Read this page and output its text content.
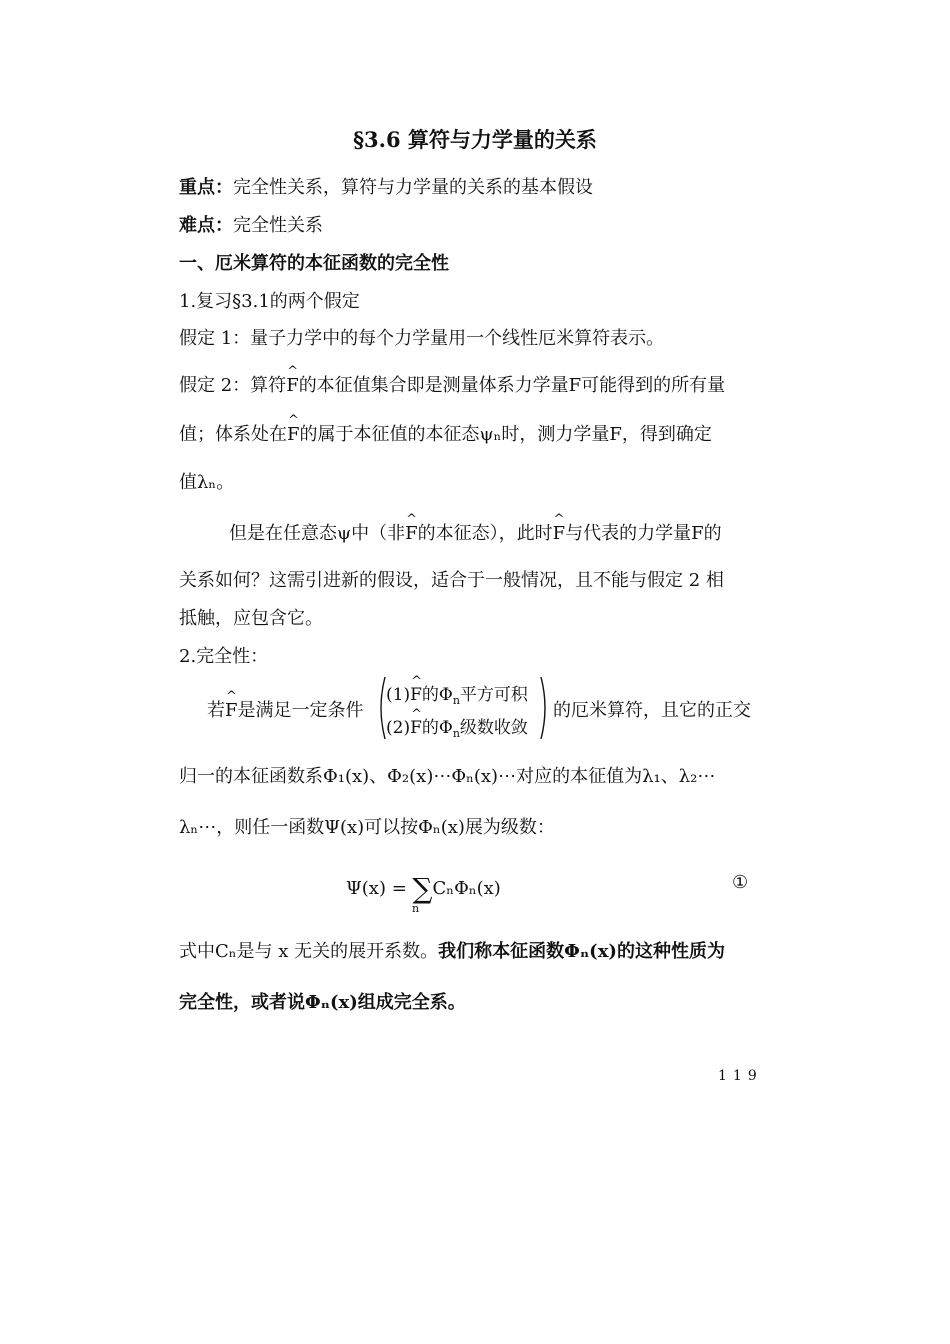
§3.6 算符与力学量的关系
重点：完全性关系，算符与力学量的关系的基本假设
难点：完全性关系
一、厄米算符的本征函数的完全性
1.复习§3.1的两个假定
假定 1：量子力学中的每个力学量用一个线性厄米算符表示。
假定 2：算符^ F的本征值集合即是测量体系力学量F可能得到的所有量
值；体系处在^ F的属于本征值的本征态ψₙ时，测力学量F，得到确定
值λₙ。
但是在任意态ψ中（非^ F的本征态），此时^ F与代表的力学量F的
关系如何？这需引进新的假设，适合于一般情况，且不能与假定 2 相
抵触，应包含它。
2.完全性：
若^ F是满足一定条件
(1)^ F的$\Phi_n$平方可积
(2)^ F的$\Phi_n$级数收敛
的厄米算符，且它的正交
归一的本征函数系Φ₁(x)、Φ₂(x)⋯Φₙ(x)⋯对应的本征值为λ₁、λ₂⋯
λₙ⋯，则任一函数Ψ(x)可以按Φₙ(x)展为级数：
Ψ(x) = ∑CₙΦₙ(x)
n
①
式中Cₙ是与 x 无关的展开系数。我们称本征函数Φₙ(x)的这种性质为
完全性，或者说Φₙ(x)组成完全系。
119
